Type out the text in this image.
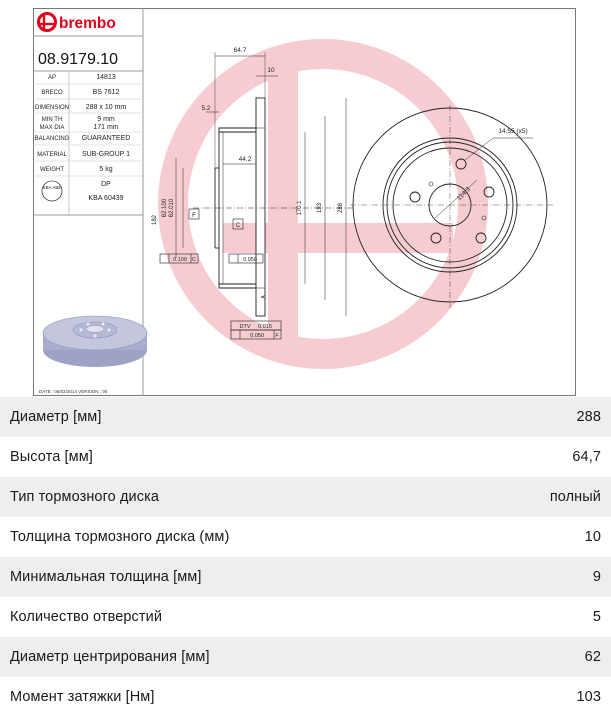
brembo
08.9179.10
AP	14813
BRECO	BS 7612
DIMENSION 288 x 10 mm
MIN TH	9 mm
MAX DIA	171 mm
BALANCING GUARANTEED
MATERIAL SUB-GROUP 1
WEIGHT	5 kg
KBA ABE	DP
KBA 60439
DATE : 06/02/2014 VERSION : 00
64.7
10
5.2
44.2
182
62.100 62.010	170.1 193	288
F
C
0.100 C	0.050
DTV 0.015
0.050 F
A
14.55 (x5)
114.3
Диаметр [мм]	288
Высота [мм]	64,7
Тип тормозного диска	полный
Толщина тормозного диска (мм)	10
Минимальная толщина [мм]	9
Количество отверстий	5
Диаметр центрирования [мм]	62
Момент затяжки [Нм]	103
